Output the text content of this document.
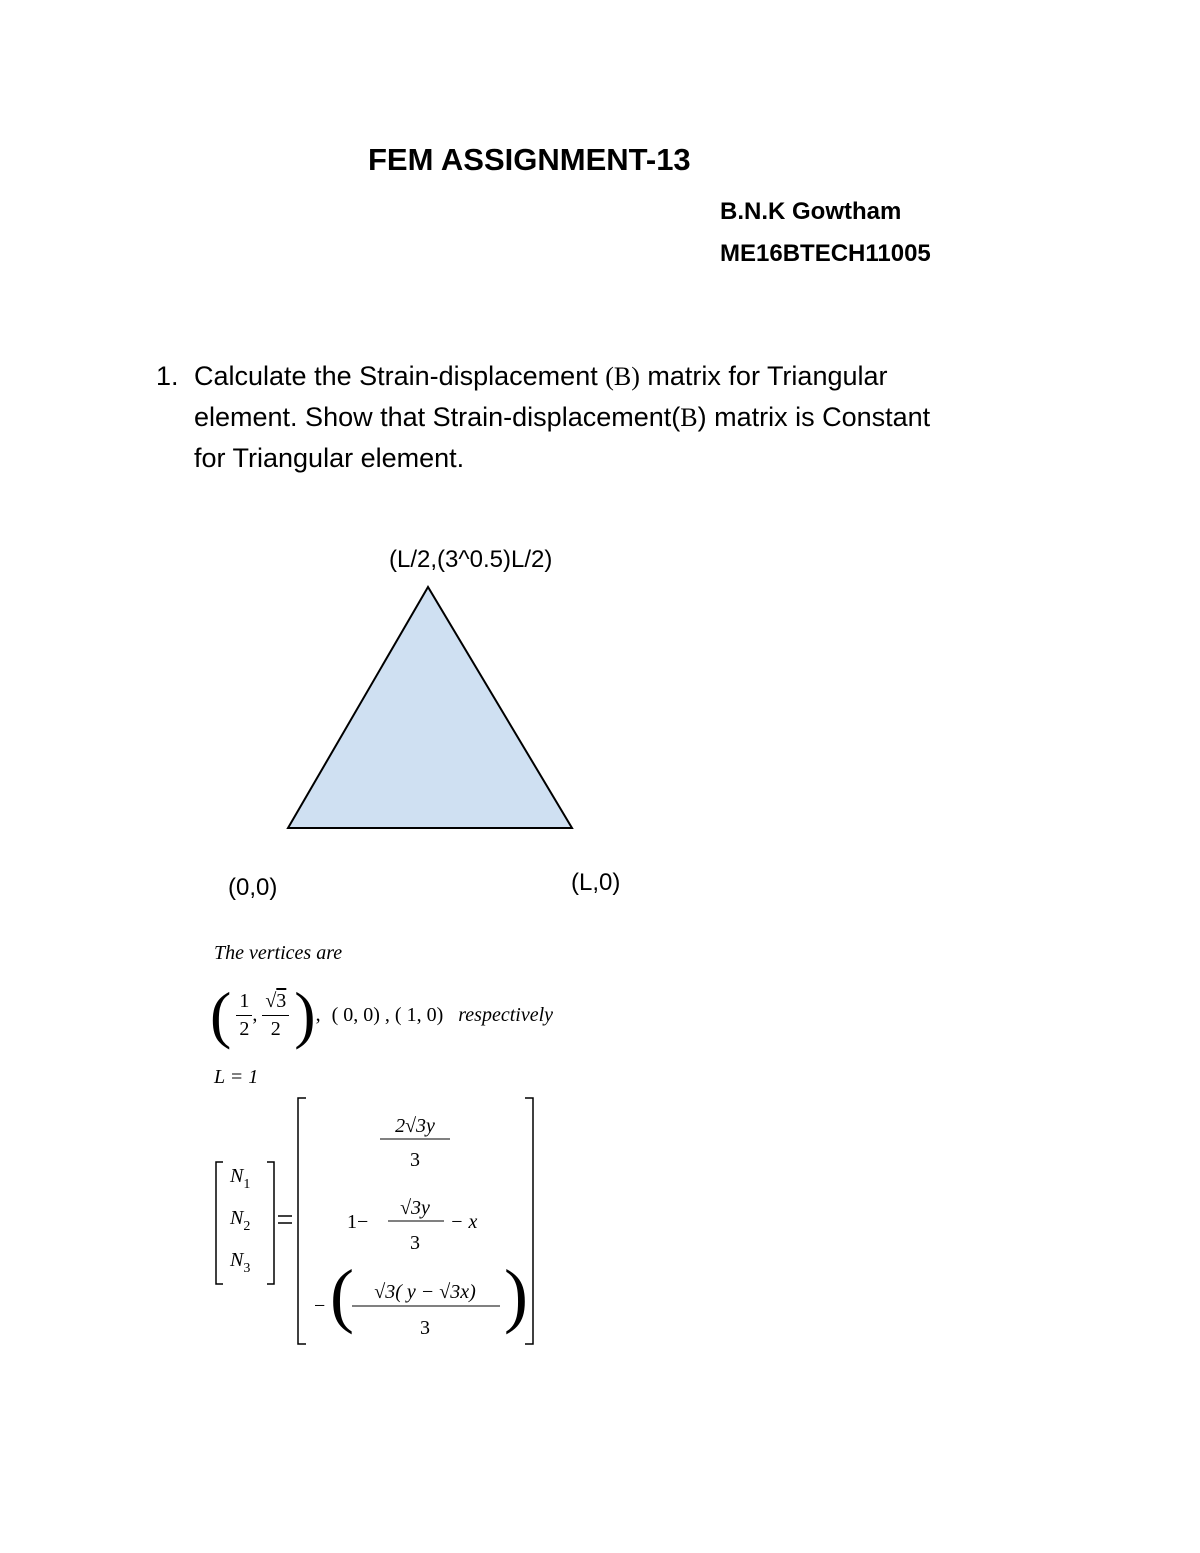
FEM ASSIGNMENT-13
B.N.K Gowtham
ME16BTECH11005
1. Calculate the Strain-displacement (B) matrix for Triangular
element. Show that Strain-displacement(B) matrix is Constant
for Triangular element.
(L/2,(3^0.5)L/2)
(0,0)	(L,0)
The vertices are
( $\frac{1}{2}$ , $\frac{√3}{2}$ ), ( 0, 0) , ( 1, 0) respectively
L = 1
$N_1$
$N_2$
$N_3$
2√3y
3
1−
√3y
3
− x
− ( √3( y − √3x)
3 )
